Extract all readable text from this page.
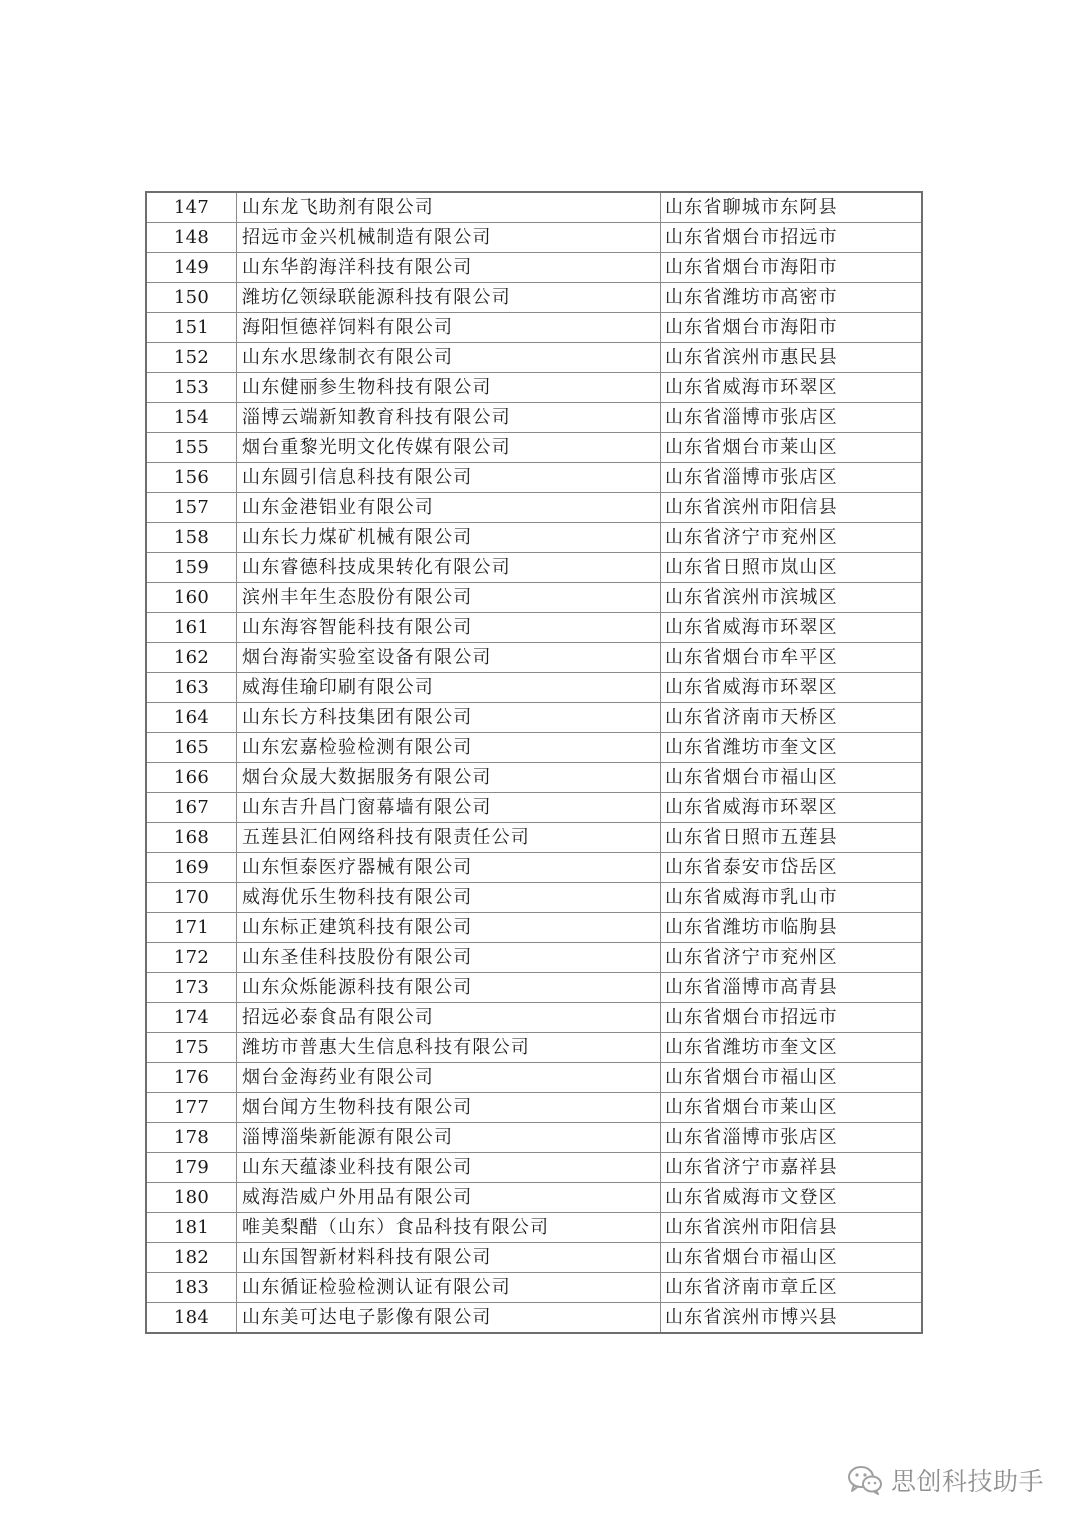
147	山东龙飞助剂有限公司	山东省聊城市东阿县
148	招远市金兴机械制造有限公司	山东省烟台市招远市
149	山东华韵海洋科技有限公司	山东省烟台市海阳市
150	潍坊亿领绿联能源科技有限公司	山东省潍坊市高密市
151	海阳恒德祥饲料有限公司	山东省烟台市海阳市
152	山东水思缘制衣有限公司	山东省滨州市惠民县
153	山东健丽参生物科技有限公司	山东省威海市环翠区
154	淄博云端新知教育科技有限公司	山东省淄博市张店区
155	烟台重黎光明文化传媒有限公司	山东省烟台市莱山区
156	山东圆引信息科技有限公司	山东省淄博市张店区
157	山东金港铝业有限公司	山东省滨州市阳信县
158	山东长力煤矿机械有限公司	山东省济宁市兖州区
159	山东睿德科技成果转化有限公司	山东省日照市岚山区
160	滨州丰年生态股份有限公司	山东省滨州市滨城区
161	山东海容智能科技有限公司	山东省威海市环翠区
162	烟台海嵛实验室设备有限公司	山东省烟台市牟平区
163	威海佳瑜印刷有限公司	山东省威海市环翠区
164	山东长方科技集团有限公司	山东省济南市天桥区
165	山东宏嘉检验检测有限公司	山东省潍坊市奎文区
166	烟台众晟大数据服务有限公司	山东省烟台市福山区
167	山东吉升昌门窗幕墙有限公司	山东省威海市环翠区
168	五莲县汇伯网络科技有限责任公司	山东省日照市五莲县
169	山东恒泰医疗器械有限公司	山东省泰安市岱岳区
170	威海优乐生物科技有限公司	山东省威海市乳山市
171	山东标正建筑科技有限公司	山东省潍坊市临朐县
172	山东圣佳科技股份有限公司	山东省济宁市兖州区
173	山东众烁能源科技有限公司	山东省淄博市高青县
174	招远必泰食品有限公司	山东省烟台市招远市
175	潍坊市普惠大生信息科技有限公司	山东省潍坊市奎文区
176	烟台金海药业有限公司	山东省烟台市福山区
177	烟台闻方生物科技有限公司	山东省烟台市莱山区
178	淄博淄柴新能源有限公司	山东省淄博市张店区
179	山东天蕴漆业科技有限公司	山东省济宁市嘉祥县
180	威海浩威户外用品有限公司	山东省威海市文登区
181	唯美梨醋（山东）食品科技有限公司	山东省滨州市阳信县
182	山东国智新材料科技有限公司	山东省烟台市福山区
183	山东循证检验检测认证有限公司	山东省济南市章丘区
184	山东美可达电子影像有限公司	山东省滨州市博兴县
思创科技助手
